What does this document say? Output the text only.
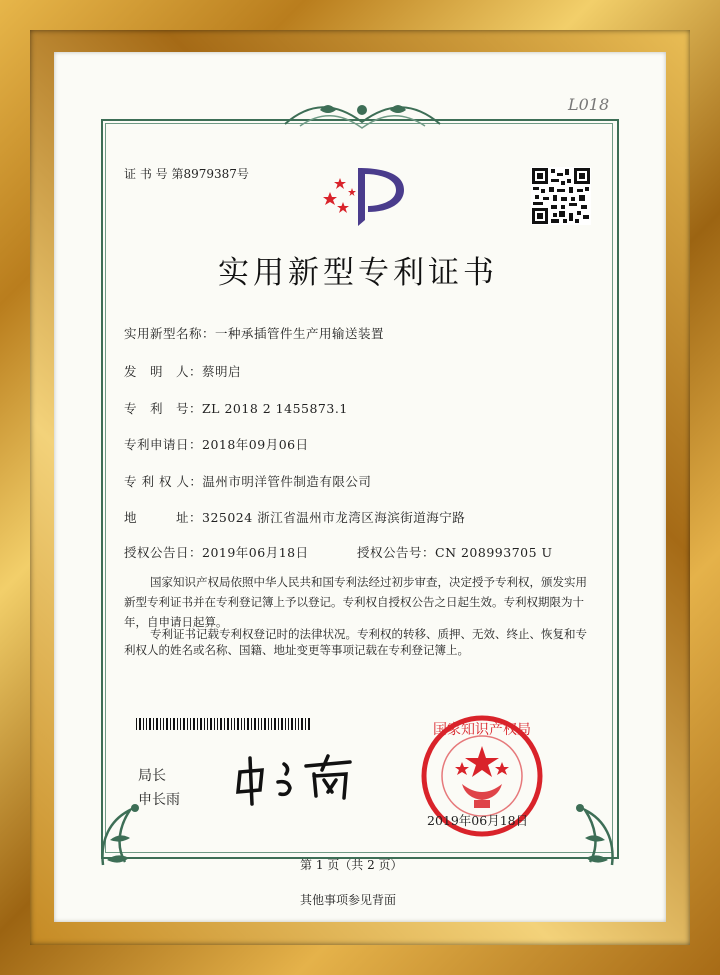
L018
证 书 号 第8979387号
实用新型专利证书
实用新型名称：一种承插管件生产用输送装置
发　明　人：蔡明启
专　利　号：ZL 2018 2 1455873.1
专利申请日：2018年09月06日
专 利 权 人：温州市明洋管件制造有限公司
地　　　址：325024 浙江省温州市龙湾区海滨街道海宁路
授权公告日：2019年06月18日	授权公告号：CN 208993705 U
国家知识产权局依照中华人民共和国专利法经过初步审查，决定授予专利权，颁发实用
新型专利证书并在专利登记簿上予以登记。专利权自授权公告之日起生效。专利权期限为十
年，自申请日起算。
专利证书记载专利权登记时的法律状况。专利权的转移、质押、无效、终止、恢复和专
利权人的姓名或名称、国籍、地址变更等事项记载在专利登记簿上。
局长
申长雨
国家知识产权局
2019年06月18日
第 1 页（共 2 页）
其他事项参见背面
